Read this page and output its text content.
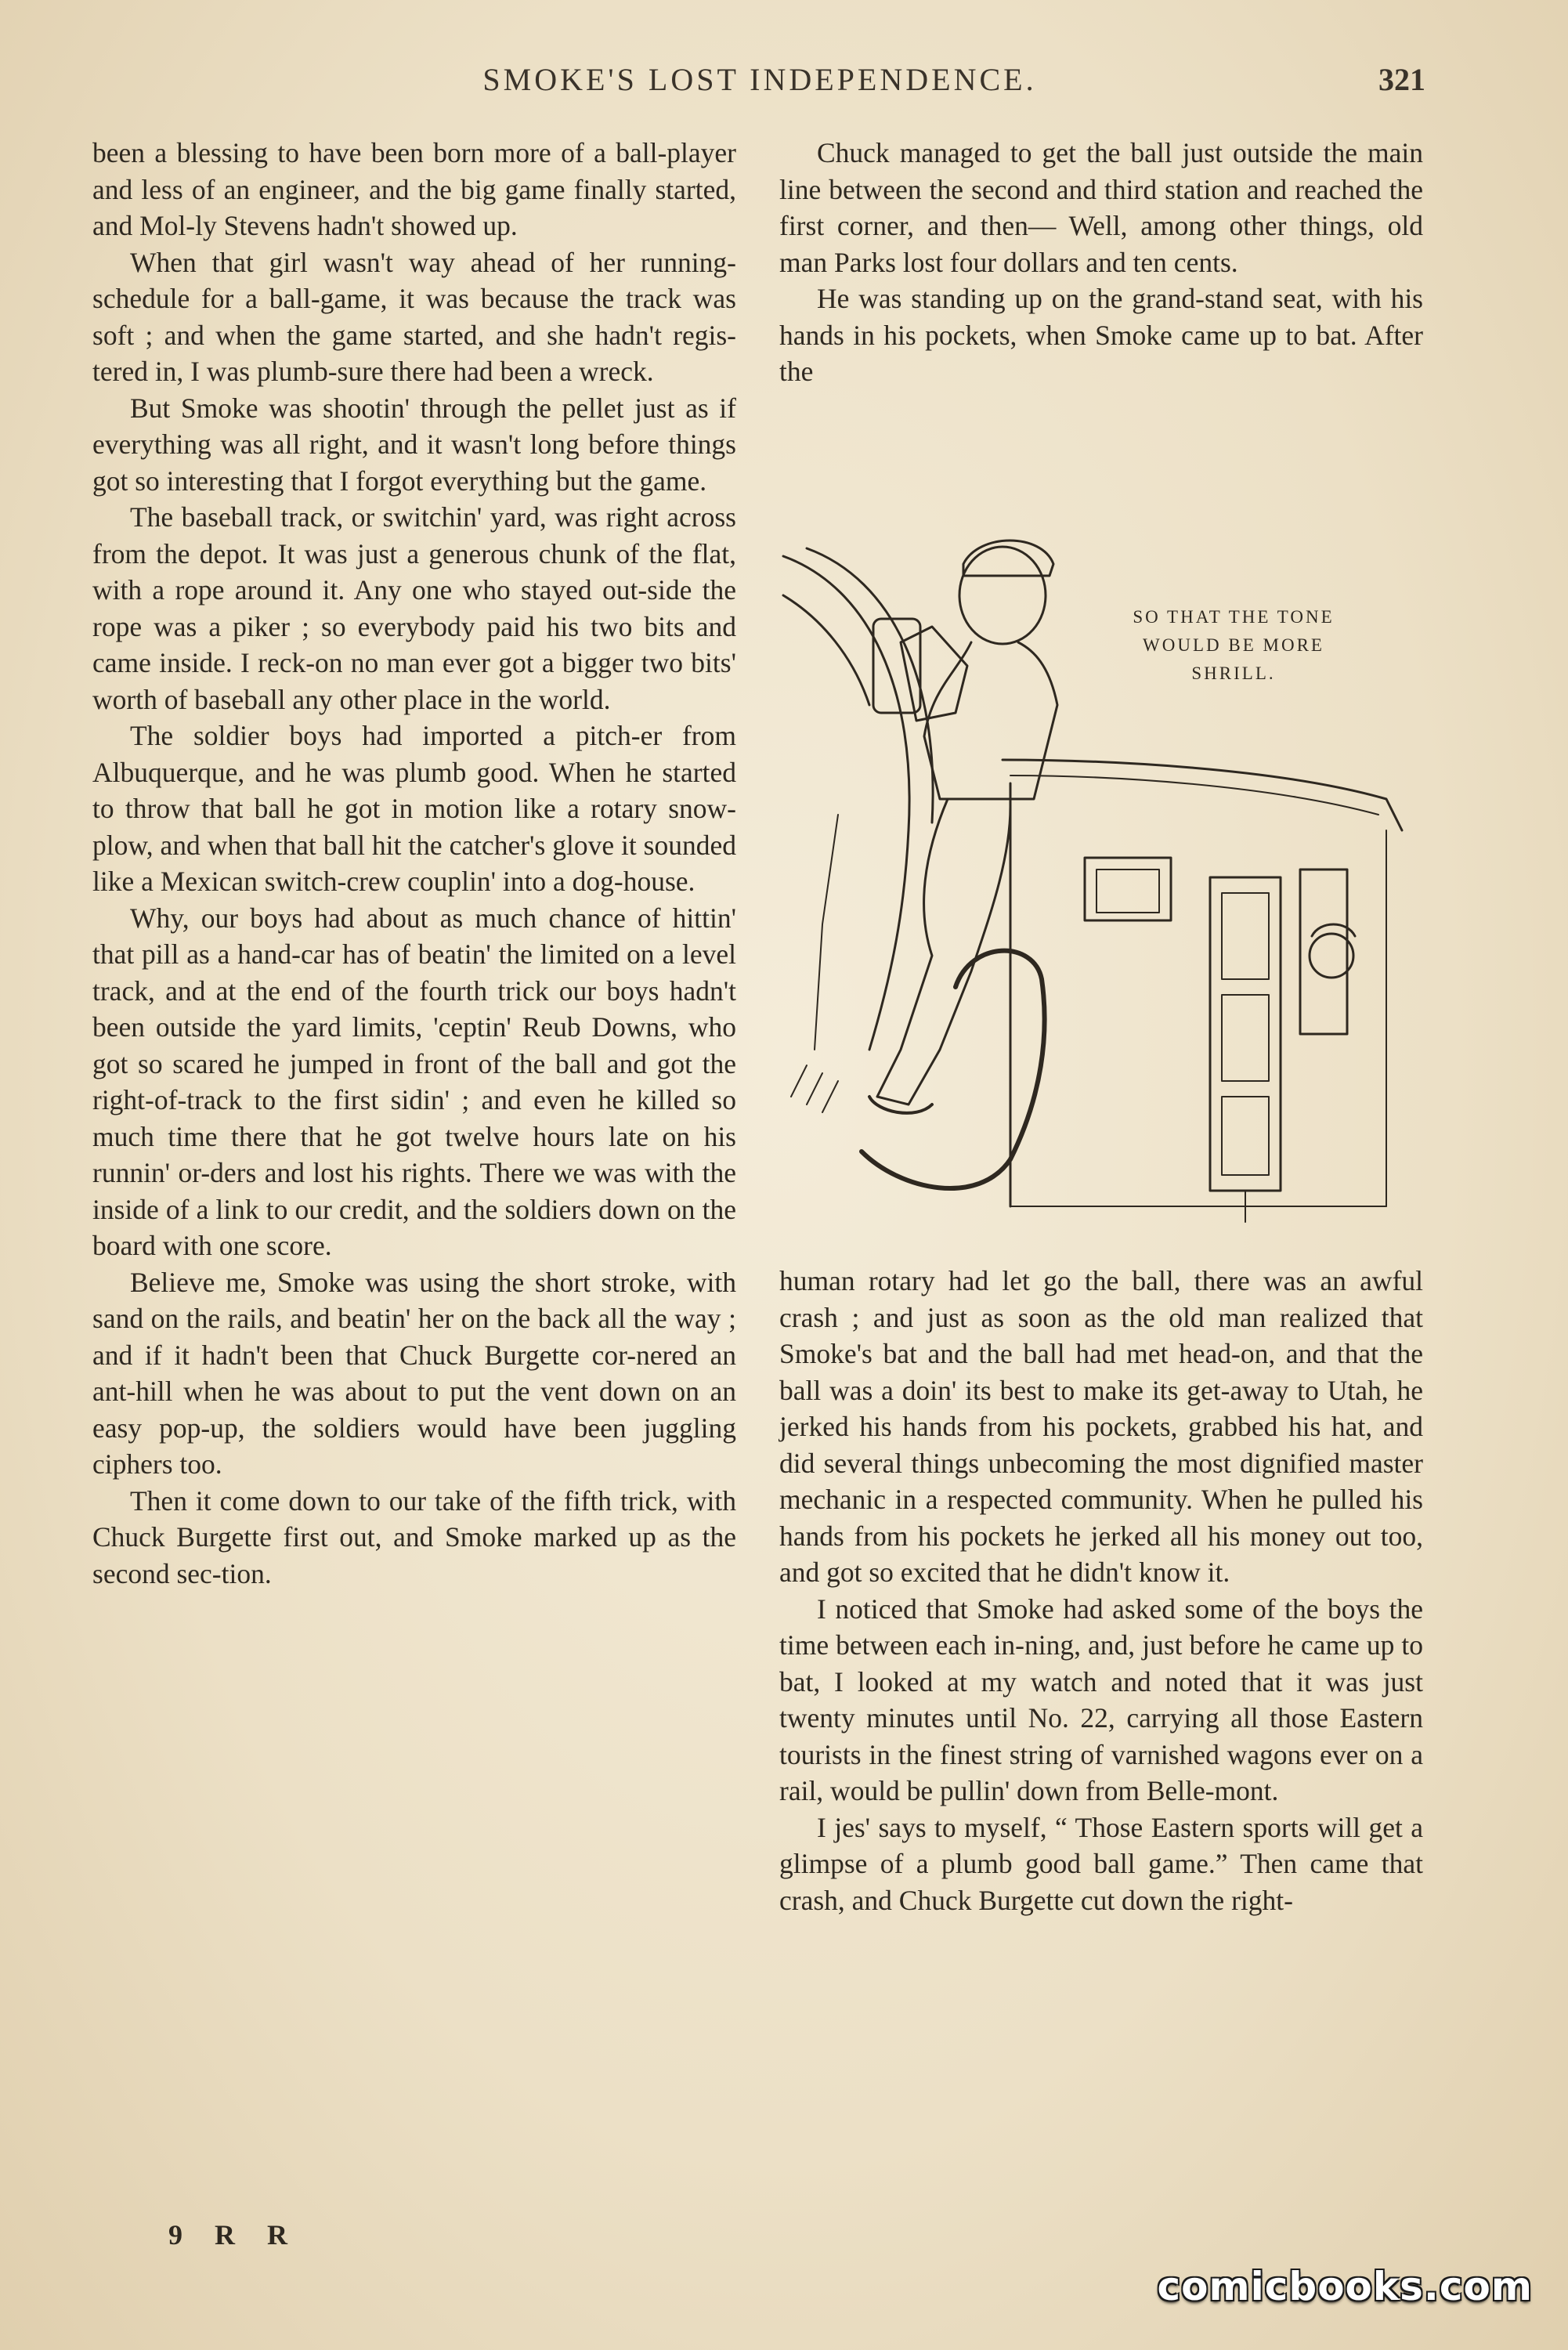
SMOKE'S LOST INDEPENDENCE.	321

been a blessing to have been born more of a ball-player and less of an engineer, and the big game finally started, and Mol-ly Stevens hadn't showed up.

When that girl wasn't way ahead of her running-schedule for a ball-game, it was because the track was soft ; and when the game started, and she hadn't regis-tered in, I was plumb-sure there had been a wreck.

But Smoke was shootin' through the pellet just as if everything was all right, and it wasn't long before things got so interesting that I forgot everything but the game.

The baseball track, or switchin' yard, was right across from the depot. It was just a generous chunk of the flat, with a rope around it. Any one who stayed out-side the rope was a piker ; so everybody paid his two bits and came inside. I reck-on no man ever got a bigger two bits' worth of baseball any other place in the world.

The soldier boys had imported a pitch-er from Albuquerque, and he was plumb good. When he started to throw that ball he got in motion like a rotary snow-plow, and when that ball hit the catcher's glove it sounded like a Mexican switch-crew couplin' into a dog-house.

Why, our boys had about as much chance of hittin' that pill as a hand-car has of beatin' the limited on a level track, and at the end of the fourth trick our boys hadn't been outside the yard limits, 'ceptin' Reub Downs, who got so scared he jumped in front of the ball and got the right-of-track to the first sidin' ; and even he killed so much time there that he got twelve hours late on his runnin' or-ders and lost his rights. There we was with the inside of a link to our credit, and the soldiers down on the board with one score.

Believe me, Smoke was using the short stroke, with sand on the rails, and beatin' her on the back all the way ; and if it hadn't been that Chuck Burgette cor-nered an ant-hill when he was about to put the vent down on an easy pop-up, the soldiers would have been juggling ciphers too.

Then it come down to our take of the fifth trick, with Chuck Burgette first out, and Smoke marked up as the second sec-tion.

Chuck managed to get the ball just outside the main line between the second and third station and reached the first corner, and then— Well, among other things, old man Parks lost four dollars and ten cents.

He was standing up on the grand-stand seat, with his hands in his pockets, when Smoke came up to bat. After the

SO THAT THE TONE
WOULD BE MORE
SHRILL.

human rotary had let go the ball, there was an awful crash ; and just as soon as the old man realized that Smoke's bat and the ball had met head-on, and that the ball was a doin' its best to make its get-away to Utah, he jerked his hands from his pockets, grabbed his hat, and did several things unbecoming the most dignified master mechanic in a respected community. When he pulled his hands from his pockets he jerked all his money out too, and got so excited that he didn't know it.

I noticed that Smoke had asked some of the boys the time between each in-ning, and, just before he came up to bat, I looked at my watch and noted that it was just twenty minutes until No. 22, carrying all those Eastern tourists in the finest string of varnished wagons ever on a rail, would be pullin' down from Belle-mont.

I jes' says to myself, “ Those Eastern sports will get a glimpse of a plumb good ball game.” Then came that crash, and Chuck Burgette cut down the right-

9 R R
comicbooks.com
